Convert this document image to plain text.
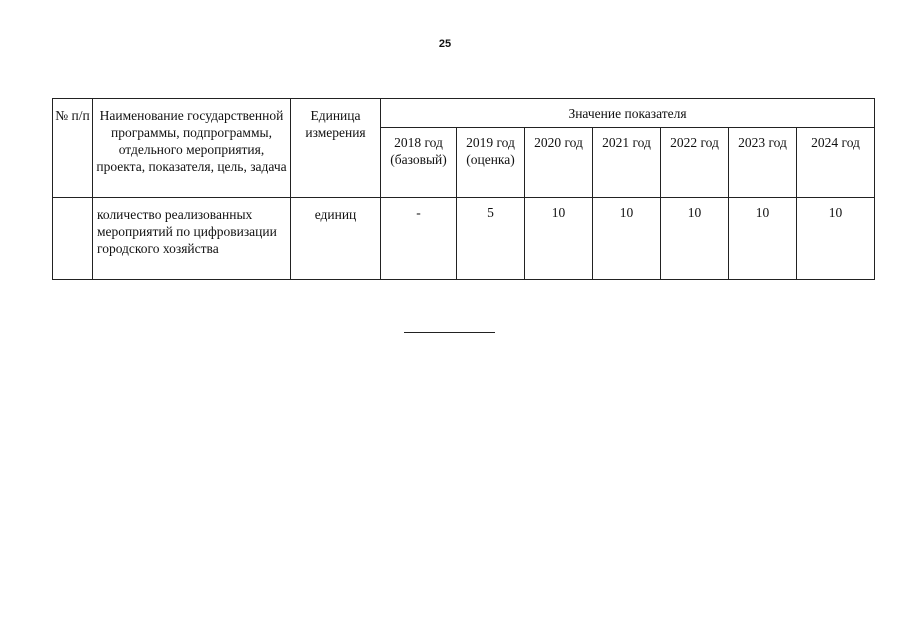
25
№ п/п	Наименование государственной программы, подпрограммы, отдельного мероприятия, проекта, показателя, цель, задача	Единица измерения	Значение показателя						
			2018 год (базовый)	2019 год (оценка)	2020 год	2021 год	2022 год	2023 год	2024 год
	количество реализованных мероприятий по цифровизации городского хозяйства	единиц	-	5	10	10	10	10	10
